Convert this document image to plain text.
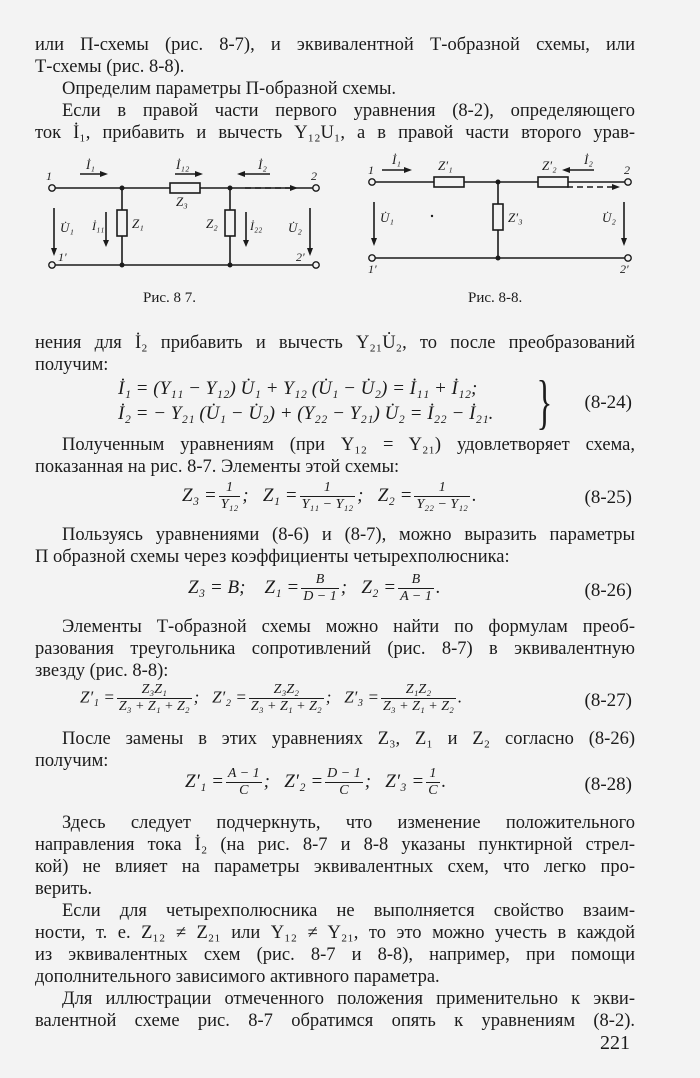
или П-схемы (рис. 8-7), и эквивалентной Т-образной схемы, или
Т-схемы (рис. 8-8).
Определим параметры П-образной схемы.
Если в правой части первого уравнения (8-2), определяющего
ток İ₁, прибавить и вычесть Y₁₂U₁, а в правой части второго урав-
1
1'
2
2'
İ₁	İ₁₂	İ₂
Z₃
U̇₁ İ₁₁ Z₁	Z₂	İ₂₂ U̇₂
1
1'
2
2'
İ₁	Z′₁	Z′₂ İ₂
U̇₁	Z′₃	U̇₂
Рис. 8 7.	Рис. 8-8.
нения для İ₂ прибавить и вычесть Y₂₁U̇₂, то после преобразований
получим:
İ₁ = (Y₁₁ − Y₁₂) U̇₁ + Y₁₂ (U̇₁ − U̇₂) = İ₁₁ + İ₁₂;
İ₂ = − Y₂₁ (U̇₁ − U̇₂) + (Y₂₂ − Y₂₁) U̇₂ = İ₂₂ − İ₂₁. } (8-24)
Полученным уравнениям (при Y₁₂ = Y₂₁) удовлетворяет схема,
показанная на рис. 8-7. Элементы этой схемы:
$Z_3 = \frac{1}{\text{Y₁₂}}$ ; $Z_1 = \frac{1}{\text{Y₁₁ − Y₁₂}}$ ; $Z_2 = \frac{1}{\text{Y₂₂ − Y₁₂}}$ .	(8-25)
Пользуясь уравнениями (8-6) и (8-7), можно выразить параметры
П образной схемы через коэффициенты четырехполюсника:
Z₃ = B; $Z_1 = \frac{B}{D - 1}$ ; $Z_2 = \frac{B}{A - 1}$ .	(8-26)
Элементы Т-образной схемы можно найти по формулам преоб-
разования треугольника сопротивлений (рис. 8-7) в эквивалентную
звезду (рис. 8-8):
$Z'_1 = \frac{\text{Z₃Z₁}}{\text{Z₃ + Z₁ + Z₂}}$ ; $Z'_2 = \frac{\text{Z₃Z₂}}{\text{Z₃ + Z₁ + Z₂}}$ ; $Z'_3 = \frac{\text{Z₁Z₂}}{\text{Z₃ + Z₁ + Z₂}}$ .	(8-27)
После замены в этих уравнениях Z₃, Z₁ и Z₂ согласно (8-26)
получим:
$Z'_1 = \frac{A - 1}{C}$ ; $Z'_2 = \frac{D - 1}{C}$ ; $Z'_3 = \frac{1}{C}$ .	(8-28)
Здесь следует подчеркнуть, что изменение положительного
направления тока İ₂ (на рис. 8-7 и 8-8 указаны пунктирной стрел-
кой) не влияет на параметры эквивалентных схем, что легко про-
верить.
Если для четырехполюсника не выполняется свойство взаим-
ности, т. е. Z₁₂ ≠ Z₂₁ или Y₁₂ ≠ Y₂₁, то это можно учесть в каждой
из эквивалентных схем (рис. 8-7 и 8-8), например, при помощи
дополнительного зависимого активного параметра.
Для иллюстрации отмеченного положения применительно к экви-
валентной схеме рис. 8-7 обратимся опять к уравнениям (8-2).
221
